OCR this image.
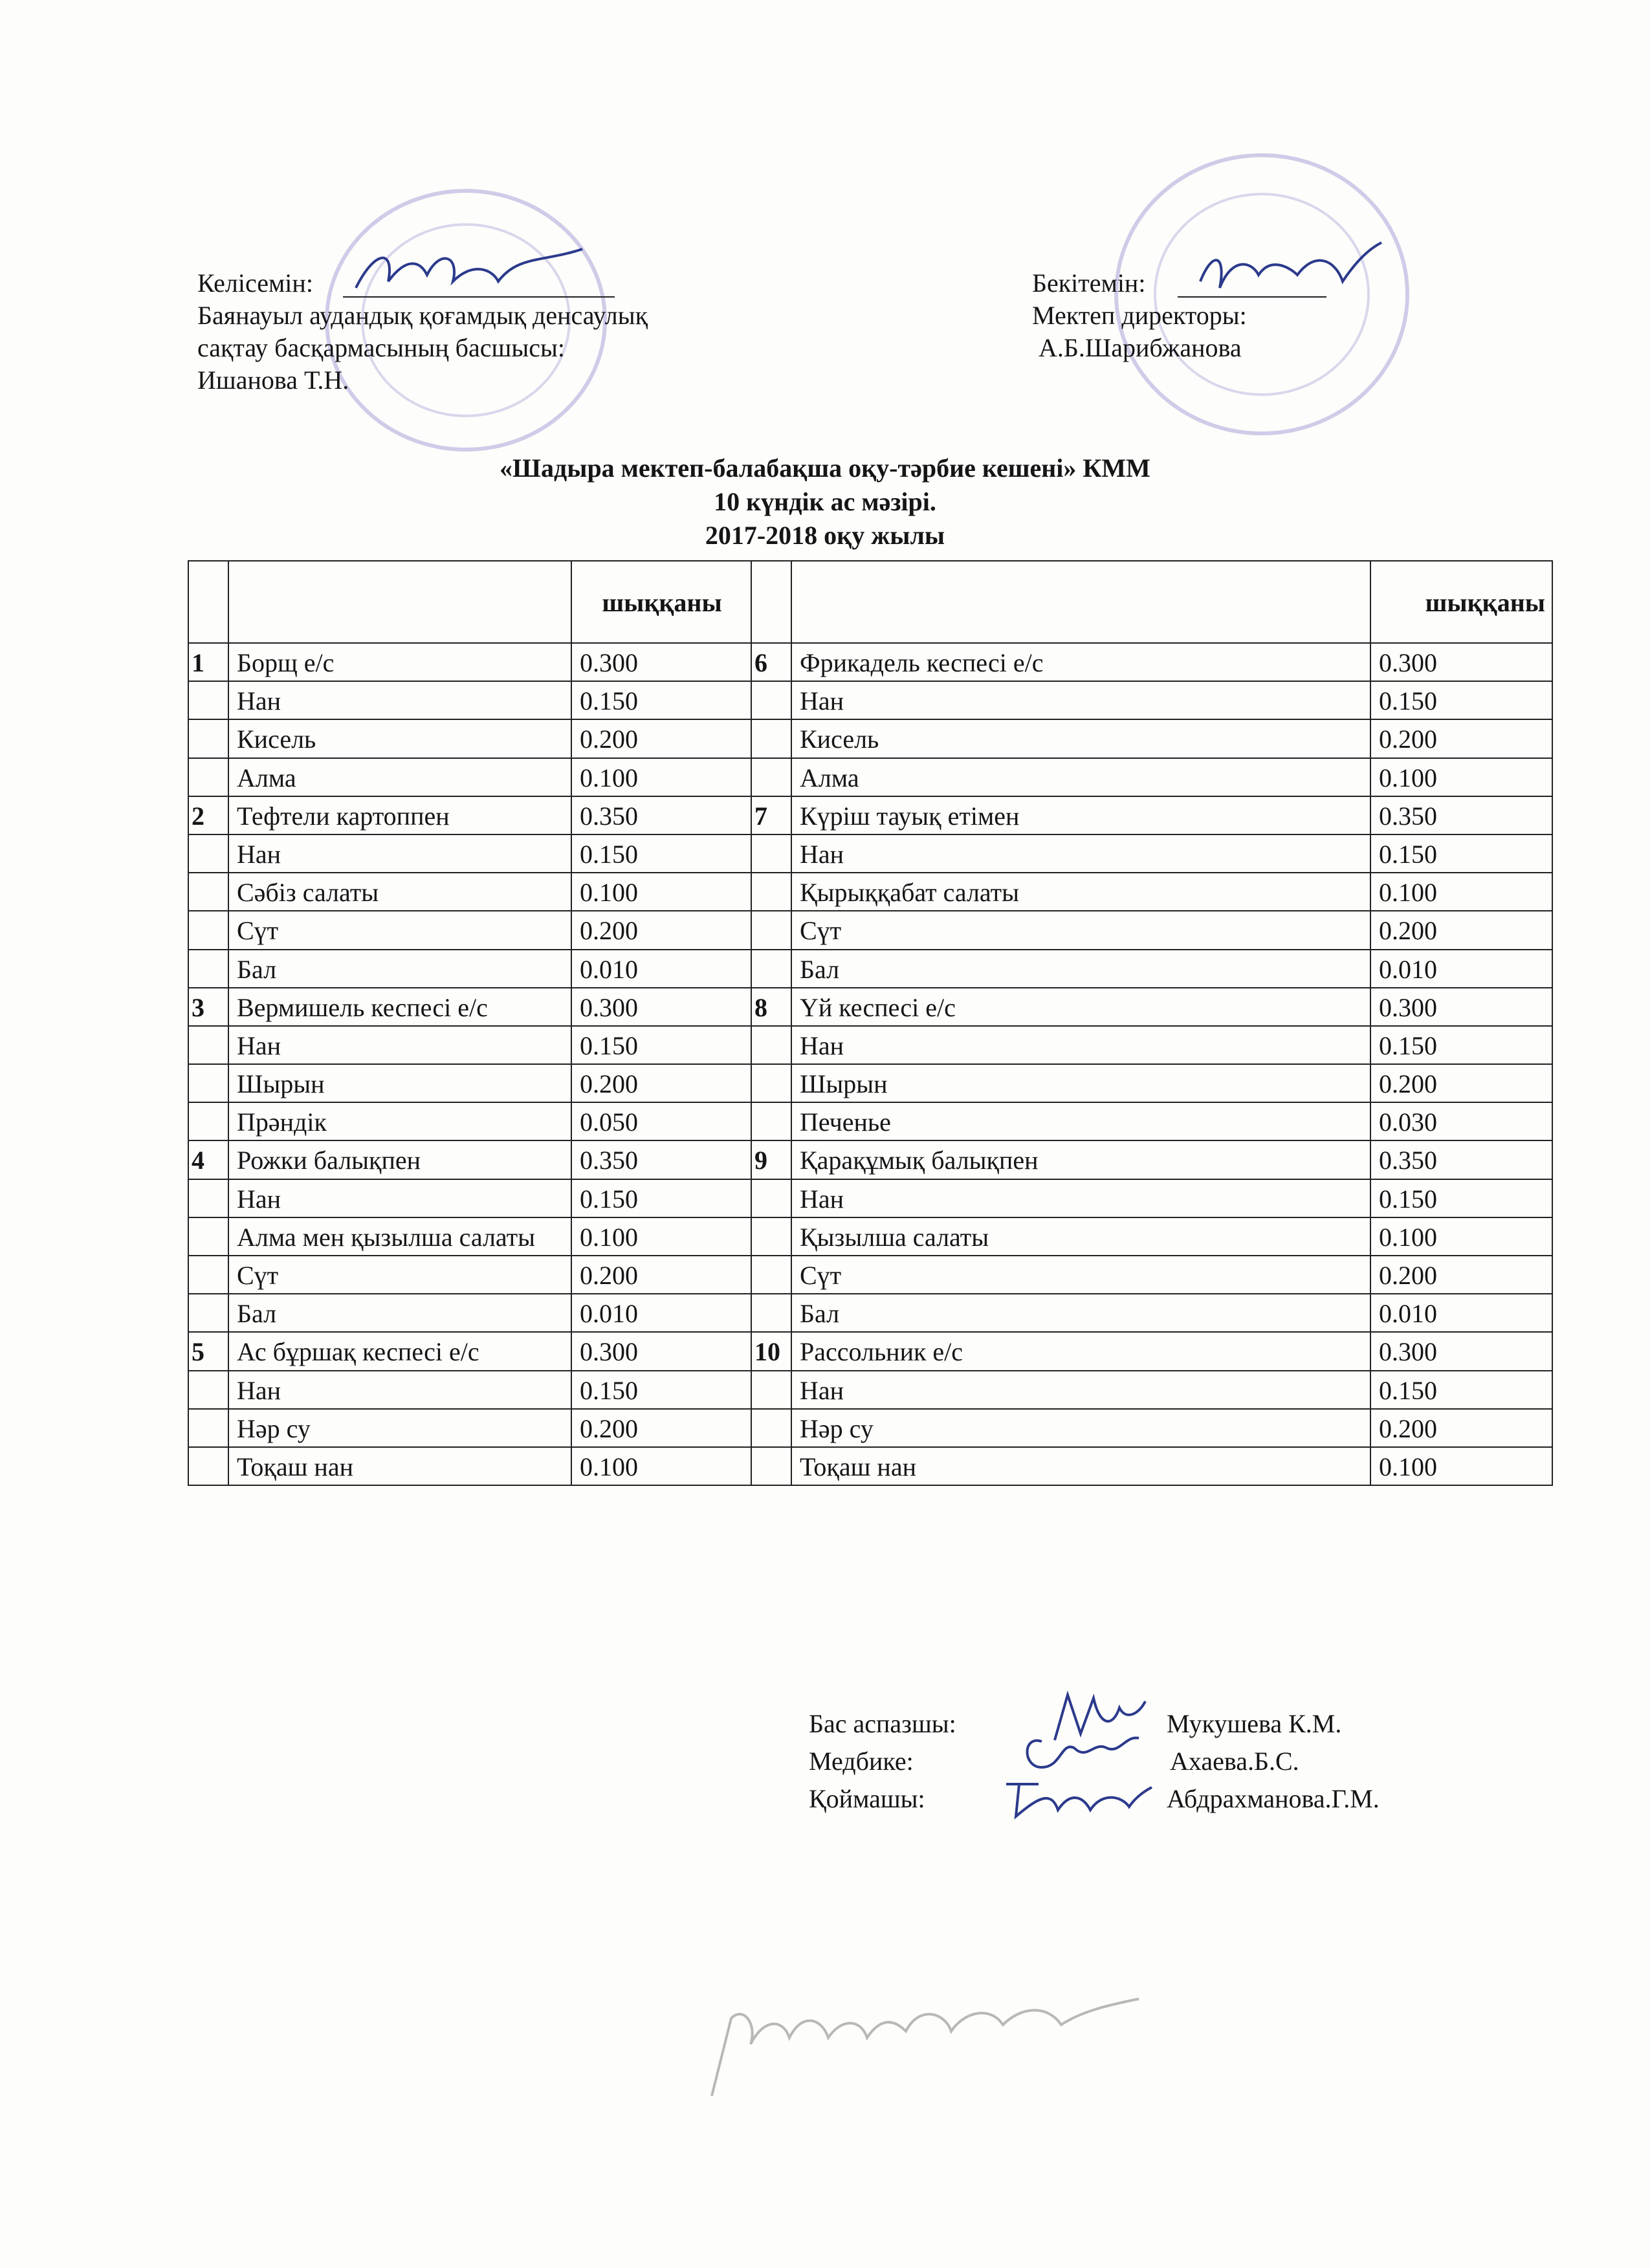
Келісемін:
Баянауыл аудандық қоғамдық денсаулық
сақтау басқармасының басшысы:
Ишанова Т.Н.
Бекітемін:
Мектеп директоры:
А.Б.Шарибжанова
«Шадыра мектеп-балабақша оқу-тәрбие кешені» КММ
10 күндік ас мәзірі.
2017-2018 оқу жылы
		шыққаны			шыққаны
1	Борщ е/с	0.300	6	Фрикадель кеспесі е/с	0.300
	Нан	0.150		Нан	0.150
	Кисель	0.200		Кисель	0.200
	Алма	0.100		Алма	0.100
2	Тефтели картоппен	0.350	7	Күріш тауық етімен	0.350
	Нан	0.150		Нан	0.150
	Сәбіз салаты	0.100		Қырыққабат салаты	0.100
	Сүт	0.200		Сүт	0.200
	Бал	0.010		Бал	0.010
3	Вермишель кеспесі е/с	0.300	8	Үй кеспесі е/с	0.300
	Нан	0.150		Нан	0.150
	Шырын	0.200		Шырын	0.200
	Прәндік	0.050		Печенье	0.030
4	Рожки балықпен	0.350	9	Қарақұмық балықпен	0.350
	Нан	0.150		Нан	0.150
	Алма мен қызылша салаты	0.100		Қызылша салаты	0.100
	Сүт	0.200		Сүт	0.200
	Бал	0.010		Бал	0.010
5	Ас бұршақ кеспесі е/с	0.300	10	Рассольник е/с	0.300
	Нан	0.150		Нан	0.150
	Нәр су	0.200		Нәр су	0.200
	Тоқаш нан	0.100		Тоқаш нан	0.100
Бас аспазшы:	Мукушева К.М.
Медбике:	Ахаева.Б.С.
Қоймашы:	Абдрахманова.Г.М.
